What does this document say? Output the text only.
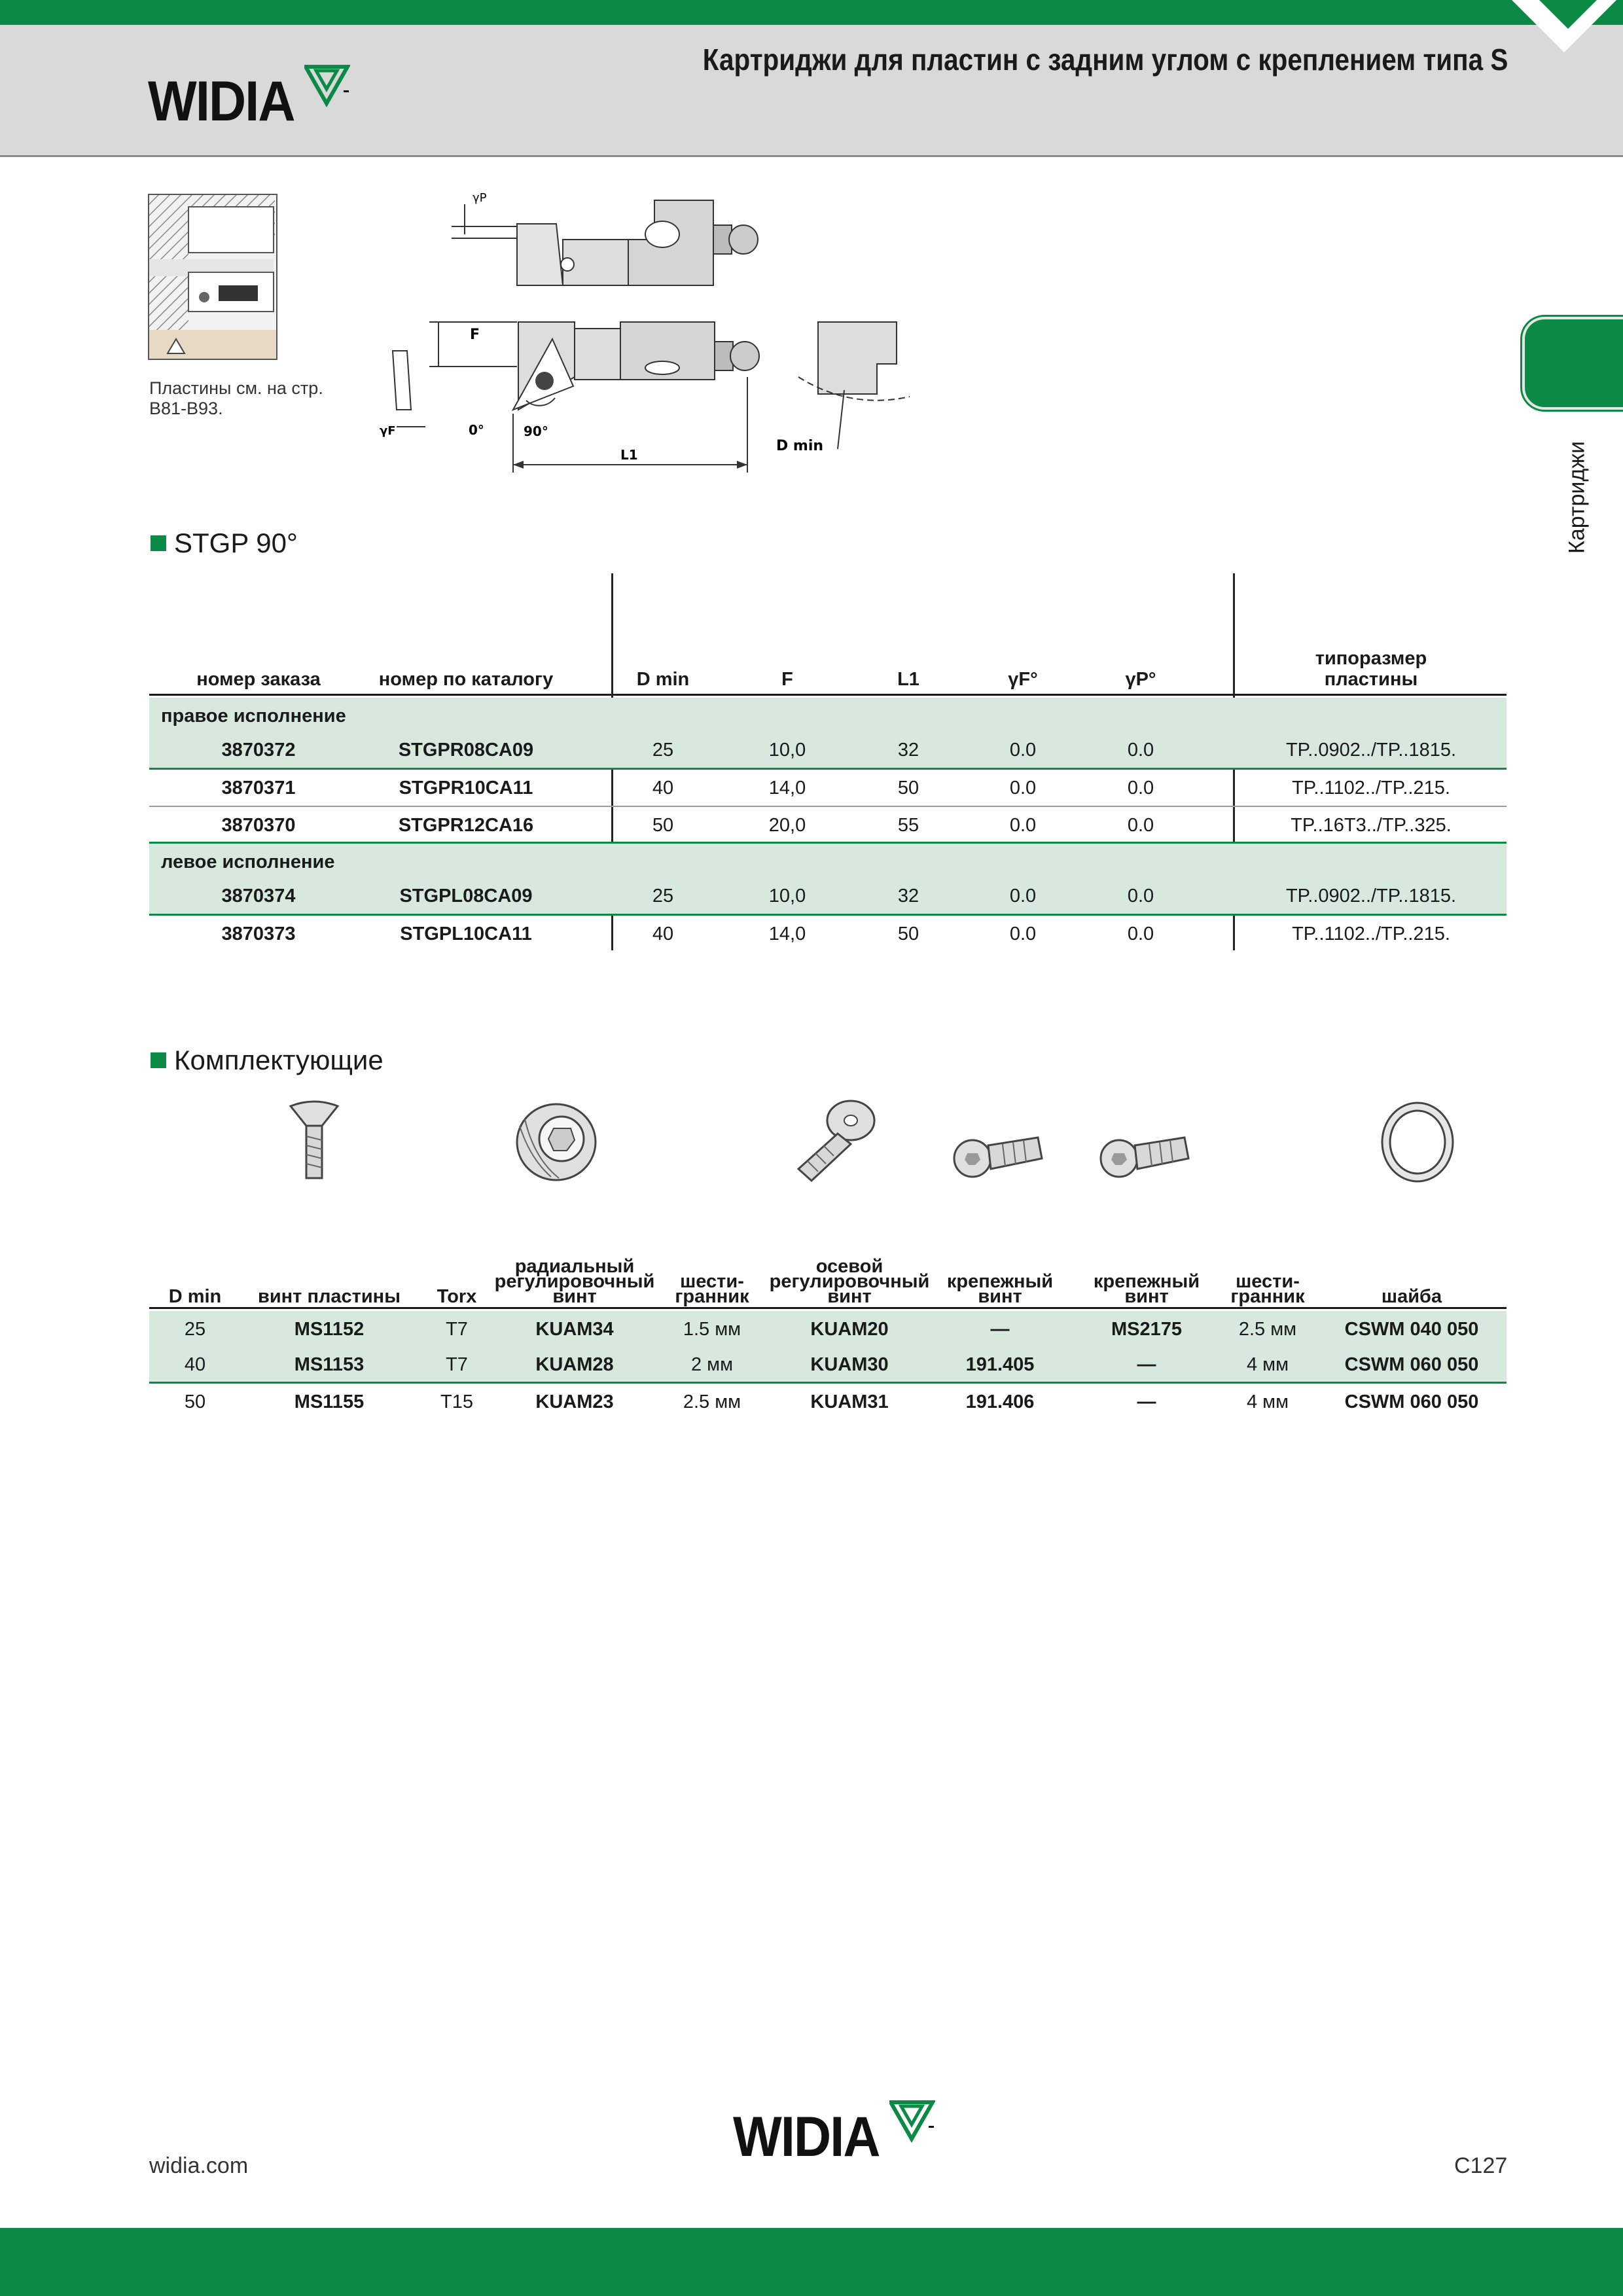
Картриджи для пластин с задним углом с креплением типа S
WIDIA
Картриджи
Пластины см. на стр.
B81-B93.
γP
F
0°	90°
L1
γF
D min
STGP 90°
номер заказа	номер по каталогу	D min	F	L1	γF°	γP°
типоразмер
пластины
правое исполнение
3870372	STGPR08CA09	25	10,0	32	0.0	0.0	TP..0902../TP..1815.
3870371	STGPR10CA11	40	14,0	50	0.0	0.0	TP..1102../TP..215.
3870370	STGPR12CA16	50	20,0	55	0.0	0.0	TP..16T3../TP..325.
левое исполнение
3870374	STGPL08CA09	25	10,0	32	0.0	0.0	TP..0902../TP..1815.
3870373	STGPL10CA11	40	14,0	50	0.0	0.0	TP..1102../TP..215.
Комплектующие
D min	винт пластины	Torx
радиальный
регулировочный
винт
шести-
гранник
осевой
регулировочный
винт
крепежный
винт
крепежный
винт
шести-
гранник	шайба
25	MS1152	T7	KUAM34	1.5 мм	KUAM20	—	MS2175	2.5 мм	CSWM 040 050
40	MS1153	T7	KUAM28	2 мм	KUAM30	191.405	—	4 мм	CSWM 060 050
50	MS1155	T15	KUAM23	2.5 мм	KUAM31	191.406	—	4 мм	CSWM 060 050
widia.com	WIDIA	C127
